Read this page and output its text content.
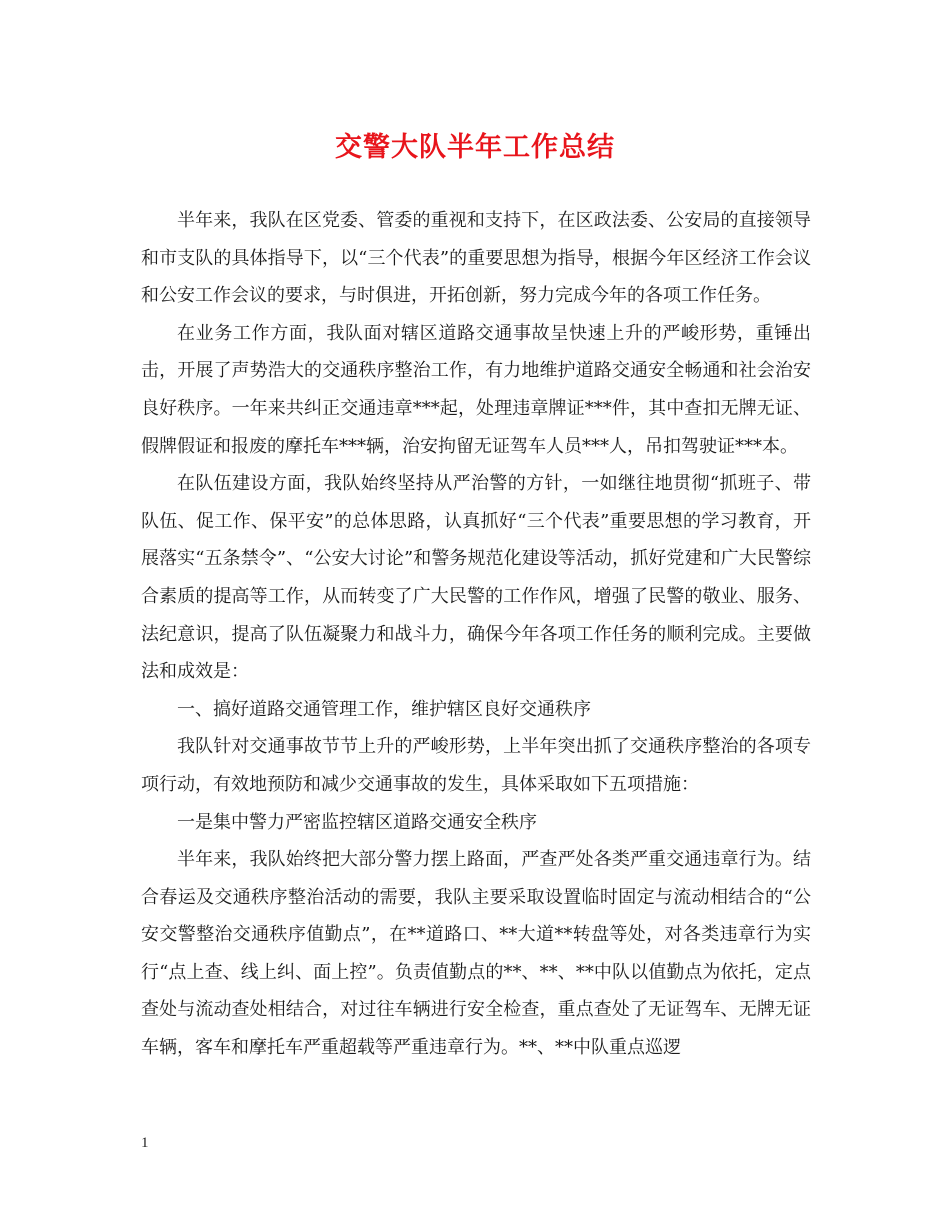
交警大队半年工作总结

半年来，我队在区党委、管委的重视和支持下，在区政法委、公安局的直接领导和市支队的具体指导下，以“三个代表”的重要思想为指导，根据今年区经济工作会议和公安工作会议的要求，与时俱进，开拓创新，努力完成今年的各项工作任务。

在业务工作方面，我队面对辖区道路交通事故呈快速上升的严峻形势，重锤出击，开展了声势浩大的交通秩序整治工作，有力地维护道路交通安全畅通和社会治安良好秩序。一年来共纠正交通违章***起，处理违章牌证***件，其中查扣无牌无证、假牌假证和报废的摩托车***辆，治安拘留无证驾车人员***人，吊扣驾驶证***本。

在队伍建设方面，我队始终坚持从严治警的方针，一如继往地贯彻“抓班子、带队伍、促工作、保平安”的总体思路，认真抓好“三个代表”重要思想的学习教育，开展落实“五条禁令”、“公安大讨论”和警务规范化建设等活动，抓好党建和广大民警综合素质的提高等工作，从而转变了广大民警的工作作风，增强了民警的敬业、服务、法纪意识，提高了队伍凝聚力和战斗力，确保今年各项工作任务的顺利完成。主要做法和成效是：

一、搞好道路交通管理工作，维护辖区良好交通秩序

我队针对交通事故节节上升的严峻形势，上半年突出抓了交通秩序整治的各项专项行动，有效地预防和减少交通事故的发生，具体采取如下五项措施：

一是集中警力严密监控辖区道路交通安全秩序

半年来，我队始终把大部分警力摆上路面，严查严处各类严重交通违章行为。结合春运及交通秩序整治活动的需要，我队主要采取设置临时固定与流动相结合的“公安交警整治交通秩序值勤点”，在**道路口、**大道**转盘等处，对各类违章行为实行“点上查、线上纠、面上控”。负责值勤点的**、**、**中队以值勤点为依托，定点查处与流动查处相结合，对过往车辆进行安全检查，重点查处了无证驾车、无牌无证车辆，客车和摩托车严重超载等严重违章行为。**、**中队重点巡逻

1
